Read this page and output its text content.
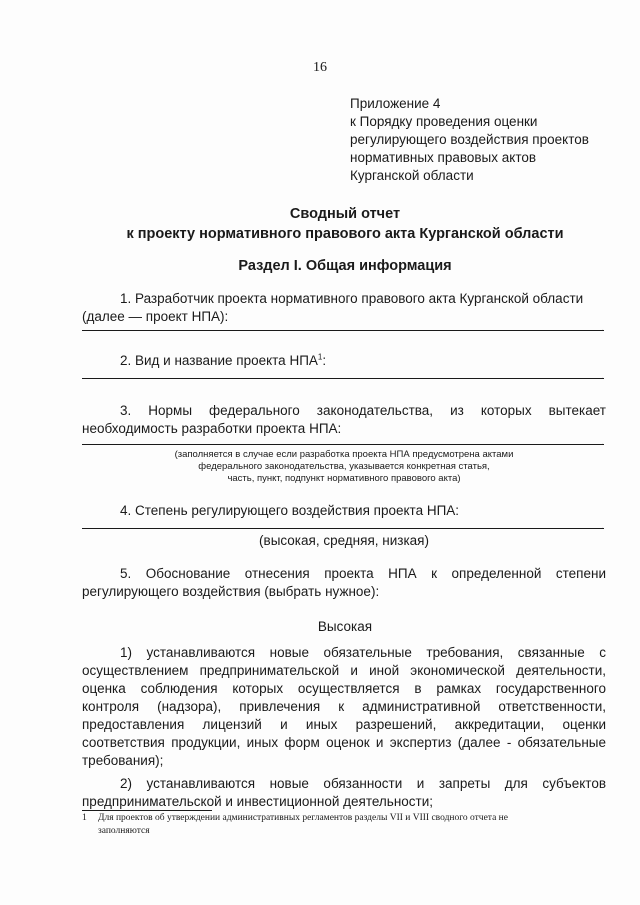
16
Приложение 4
к Порядку проведения оценки
регулирующего воздействия проектов
нормативных правовых актов
Курганской области
Сводный отчет
к проекту нормативного правового акта Курганской области
Раздел I. Общая информация
1. Разработчик проекта нормативного правового акта Курганской области
(далее — проект НПА):
.
2. Вид и название проекта НПА$^1$:
.
3. Нормы федерального законодательства, из которых вытекает
необходимость разработки проекта НПА:
.
(заполняется в случае если разработка проекта НПА предусмотрена актами
федерального законодательства, указывается конкретная статья,
часть, пункт, подпункт нормативного правового акта)
4. Степень регулирующего воздействия проекта НПА:
.
(высокая, средняя, низкая)
5. Обоснование отнесения проекта НПА к определенной степени
регулирующего воздействия (выбрать нужное):
Высокая
1) устанавливаются новые обязательные требования, связанные с
осуществлением предпринимательской и иной экономической деятельности,
оценка соблюдения которых осуществляется в рамках государственного
контроля (надзора), привлечения к административной ответственности,
предоставления лицензий и иных разрешений, аккредитации, оценки
соответствия продукции, иных форм оценок и экспертиз (далее - обязательные
требования);
2) устанавливаются новые обязанности и запреты для субъектов
предпринимательской и инвестиционной деятельности;
1 Для проектов об утверждении административных регламентов разделы VII и VIII сводного отчета не
заполняются
